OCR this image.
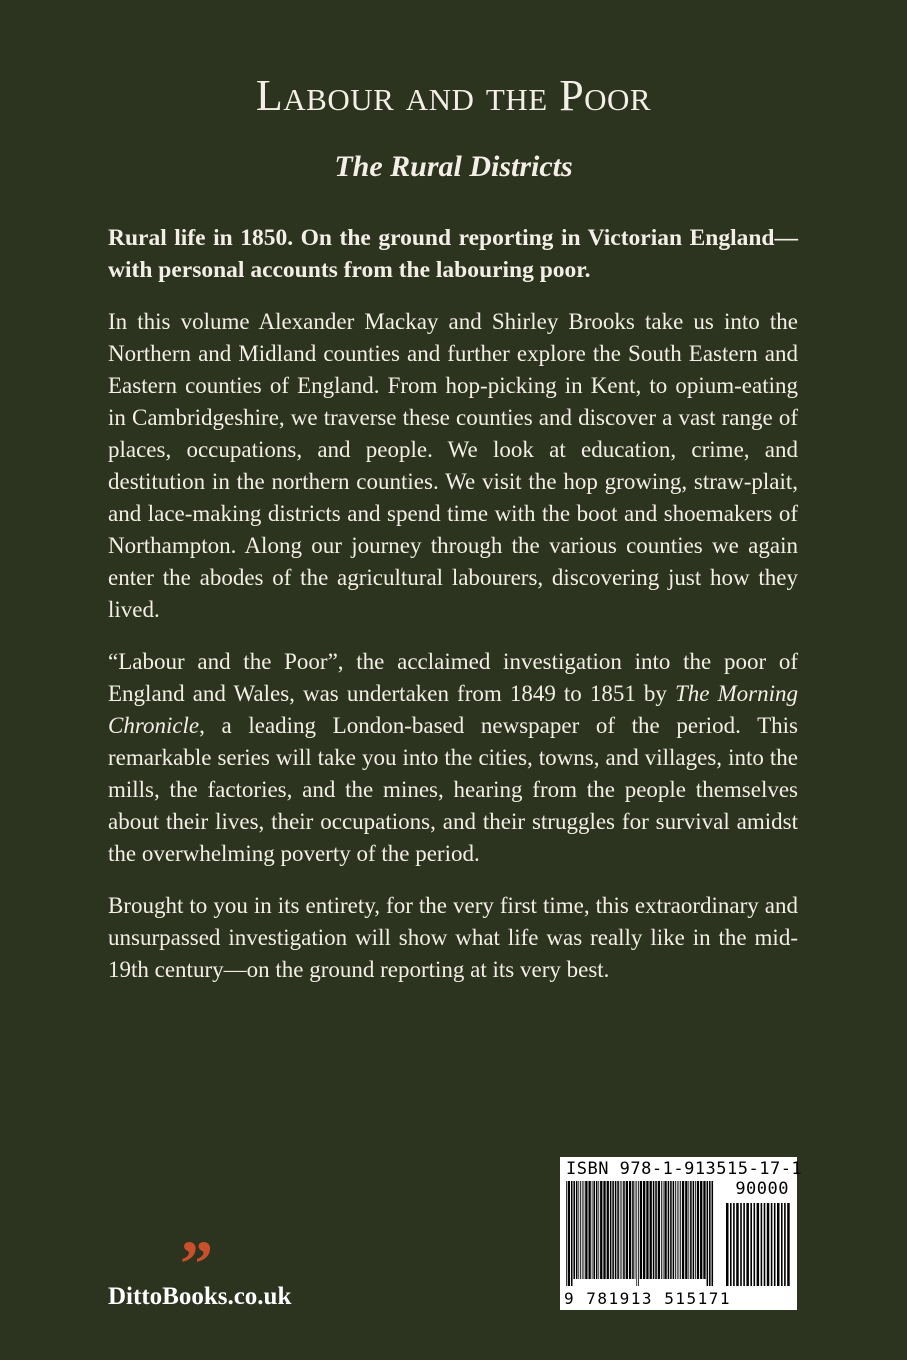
Labour and the Poor
The Rural Districts

Rural life in 1850. On the ground reporting in Victorian England—with personal accounts from the labouring poor.

In this volume Alexander Mackay and Shirley Brooks take us into the Northern and Midland counties and further explore the South Eastern and Eastern counties of England. From hop-picking in Kent, to opium-eating in Cambridgeshire, we traverse these counties and discover a vast range of places, occupations, and people. We look at education, crime, and destitution in the northern counties. We visit the hop growing, straw-plait, and lace-making districts and spend time with the boot and shoemakers of Northampton. Along our journey through the various counties we again enter the abodes of the agricultural labourers, discovering just how they lived.

“Labour and the Poor”, the acclaimed investigation into the poor of England and Wales, was undertaken from 1849 to 1851 by The Morning Chronicle, a leading London-based newspaper of the period. This remarkable series will take you into the cities, towns, and villages, into the mills, the factories, and the mines, hearing from the people themselves about their lives, their occupations, and their struggles for survival amidst the overwhelming poverty of the period.

Brought to you in its entirety, for the very first time, this extraordinary and unsurpassed investigation will show what life was really like in the mid-19th century—on the ground reporting at its very best.

”
DittoBooks.co.uk
ISBN 978-1-913515-17-1
90000
9 781913 515171
